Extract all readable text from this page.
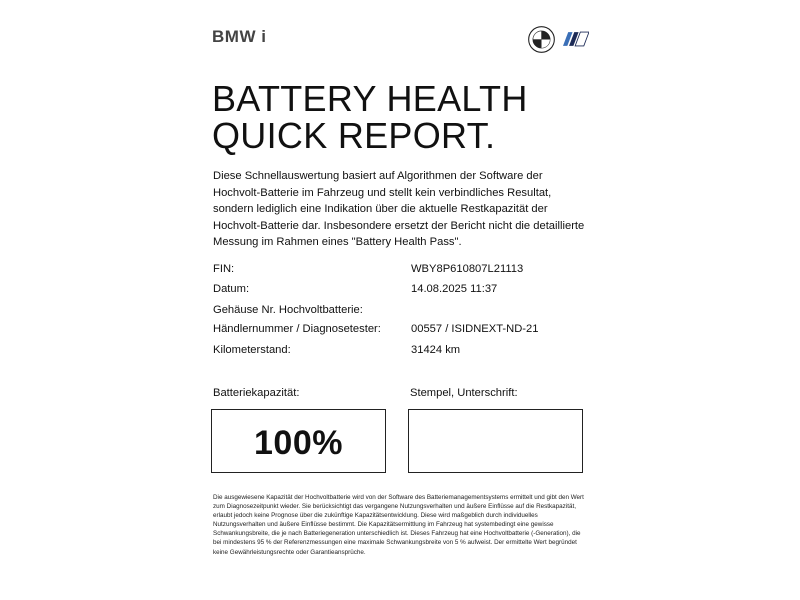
BMW i
BATTERY HEALTH
QUICK REPORT.
Diese Schnellauswertung basiert auf Algorithmen der Software der Hochvolt-Batterie im Fahrzeug und stellt kein verbindliches Resultat, sondern lediglich eine Indikation über die aktuelle Restkapazität der Hochvolt-Batterie dar. Insbesondere ersetzt der Bericht nicht die detaillierte Messung im Rahmen eines "Battery Health Pass".
FIN:	WBY8P610807L21113
Datum:	14.08.2025 11:37
Gehäuse Nr. Hochvoltbatterie:
Händlernummer / Diagnosetester:	00557 / ISIDNEXT-ND-21
Kilometerstand:	31424 km
Batteriekapazität:	Stempel, Unterschrift:
100%
Die ausgewiesene Kapazität der Hochvoltbatterie wird von der Software des Batteriemanagementsystems ermittelt und gibt den Wert zum Diagnosezeitpunkt wieder. Sie berücksichtigt das vergangene Nutzungsverhalten und äußere Einflüsse auf die Restkapazität, erlaubt jedoch keine Prognose über die zukünftige Kapazitätsentwicklung. Diese wird maßgeblich durch individuelles Nutzungsverhalten und äußere Einflüsse bestimmt. Die Kapazitätsermittlung im Fahrzeug hat systembedingt eine gewisse Schwankungsbreite, die je nach Batteriegeneration unterschiedlich ist. Dieses Fahrzeug hat eine Hochvoltbatterie (-Generation), die bei mindestens 95 % der Referenzmessungen eine maximale Schwankungsbreite von 5 % aufweist. Der ermittelte Wert begründet keine Gewährleistungsrechte oder Garantieansprüche.
